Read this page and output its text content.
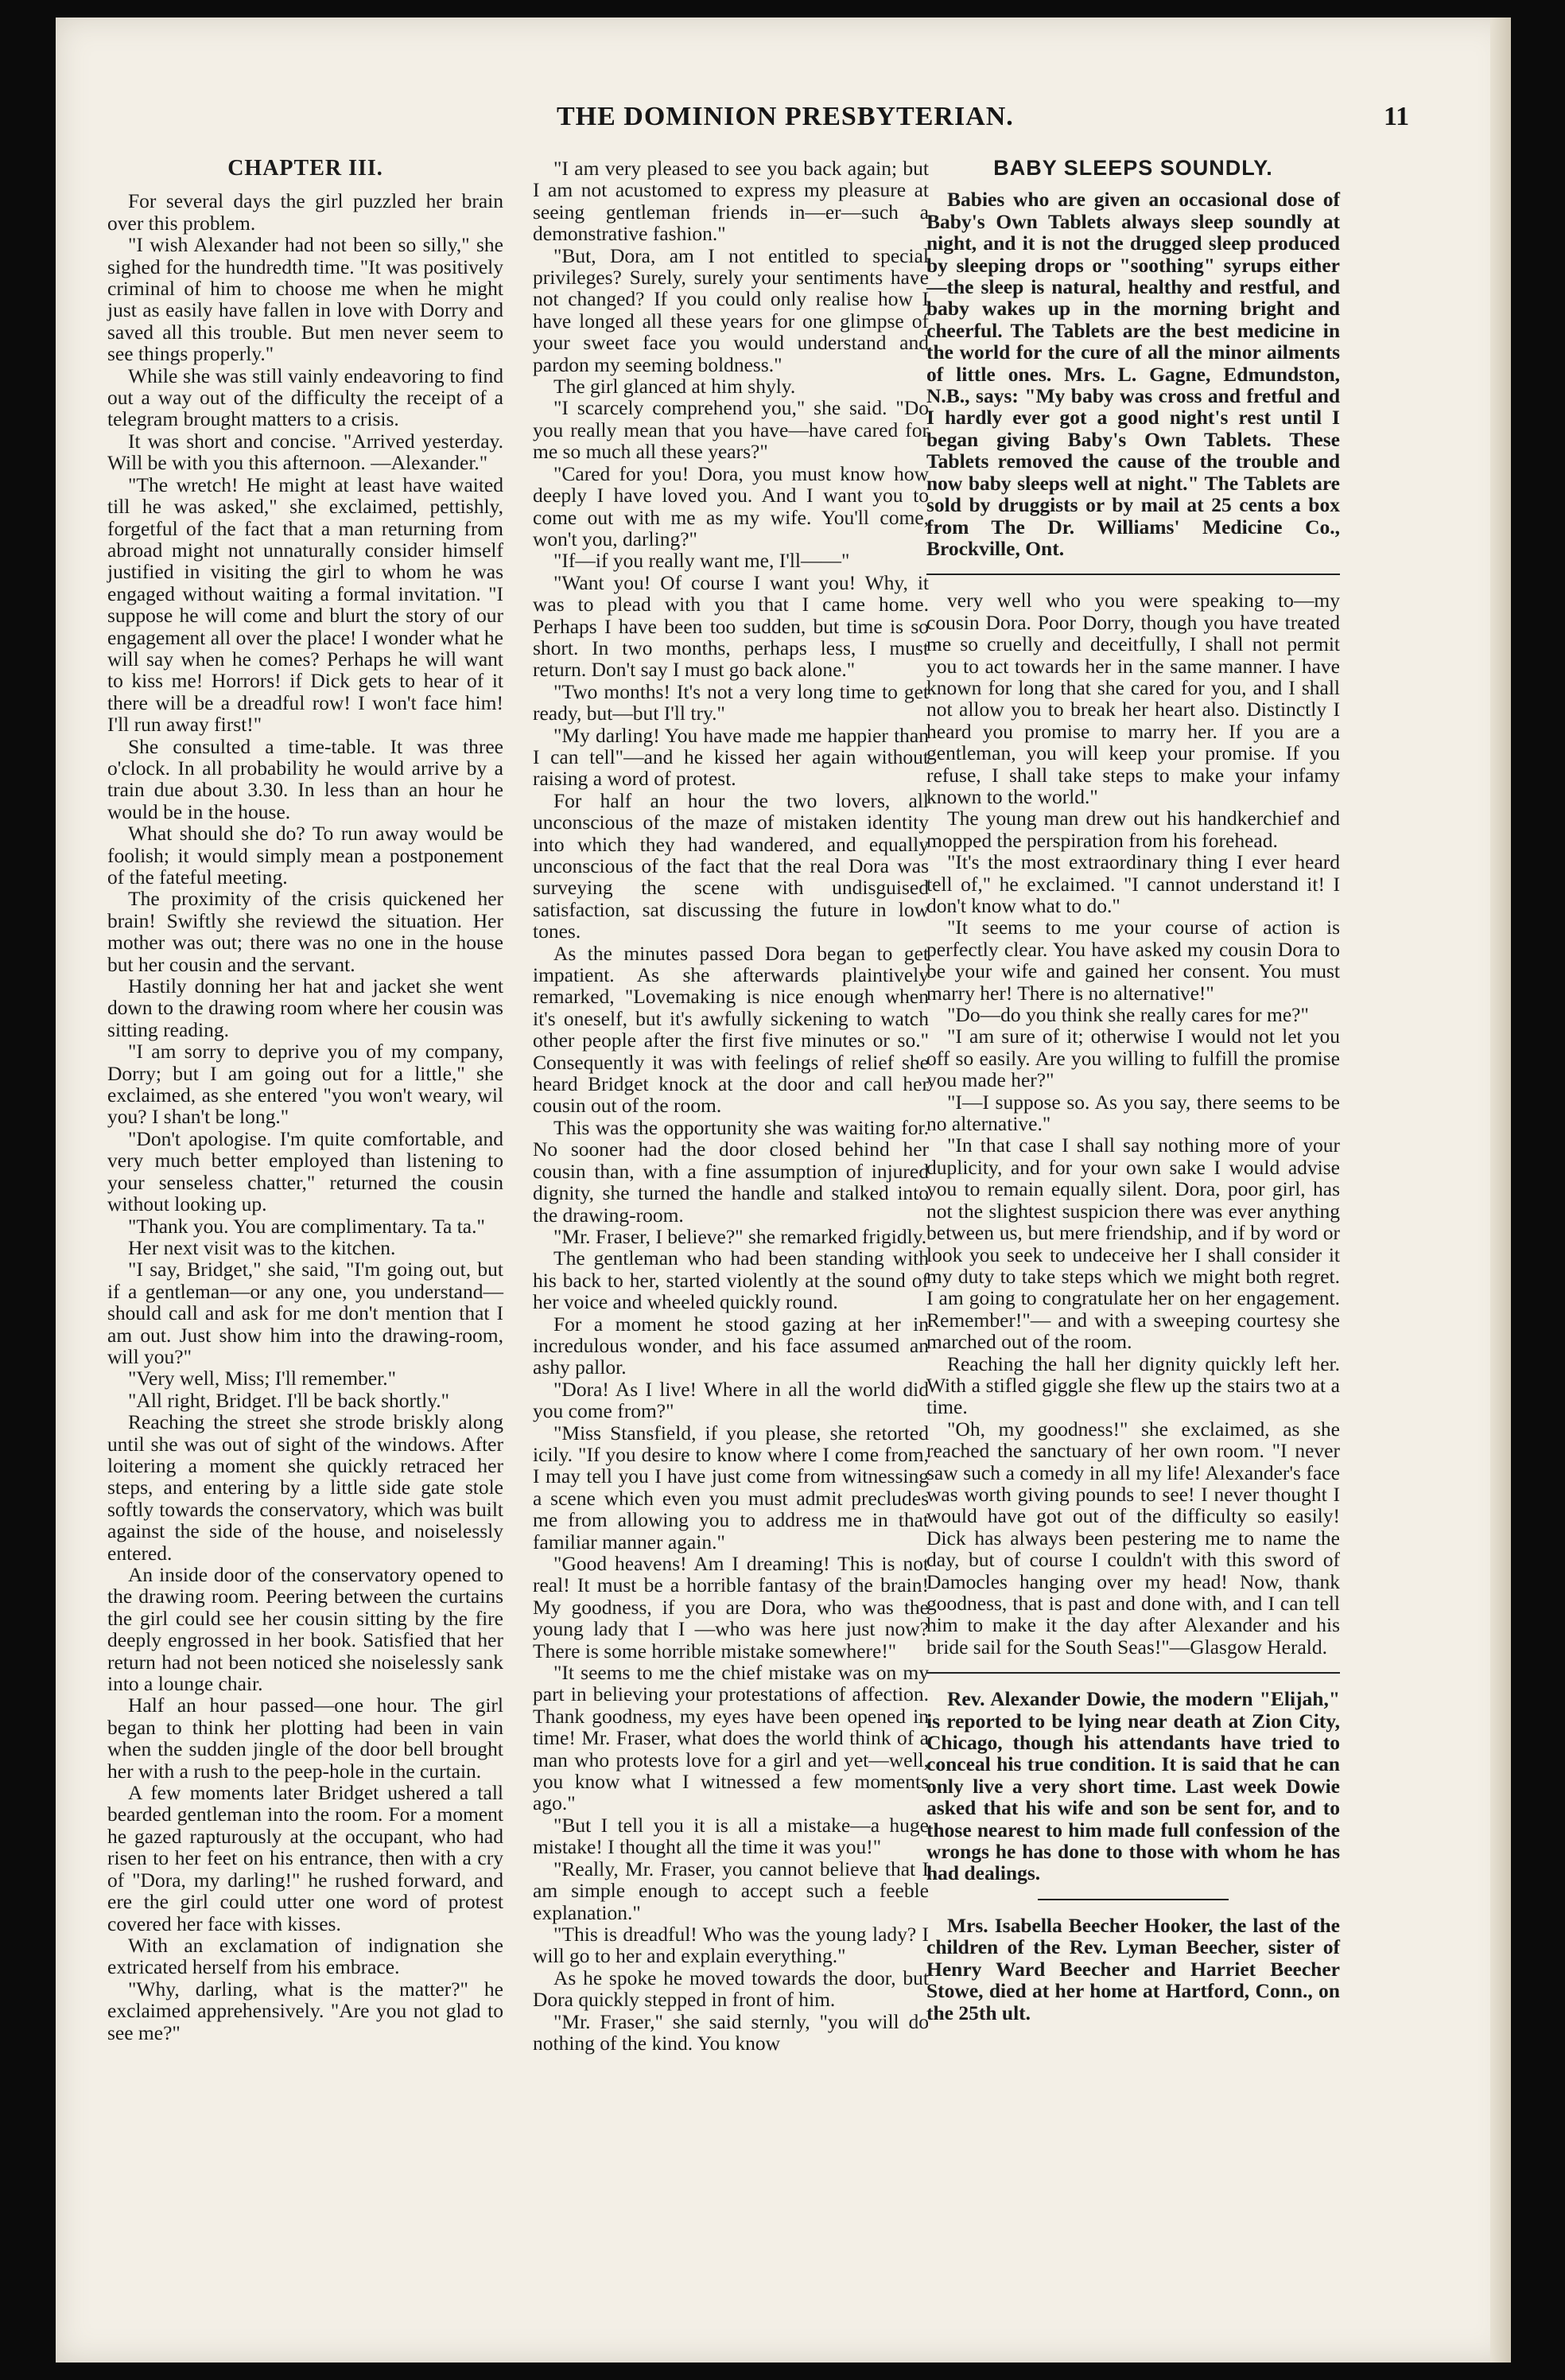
THE DOMINION PRESBYTERIAN.	11
CHAPTER III.

For several days the girl puzzled her brain over this problem.

"I wish Alexander had not been so silly," she sighed for the hundredth time. "It was positively criminal of him to choose me when he might just as easily have fallen in love with Dorry and saved all this trouble. But men never seem to see things properly."

While she was still vainly endeavoring to find out a way out of the difficulty the receipt of a telegram brought matters to a crisis.

It was short and concise. "Arrived yesterday. Will be with you this afternoon. —Alexander."

"The wretch! He might at least have waited till he was asked," she exclaimed, pettishly, forgetful of the fact that a man returning from abroad might not unnaturally consider himself justified in visiting the girl to whom he was engaged without waiting a formal invitation. "I suppose he will come and blurt the story of our engagement all over the place! I wonder what he will say when he comes? Perhaps he will want to kiss me! Horrors! if Dick gets to hear of it there will be a dreadful row! I won't face him! I'll run away first!"

She consulted a time-table. It was three o'clock. In all probability he would arrive by a train due about 3.30. In less than an hour he would be in the house.

What should she do? To run away would be foolish; it would simply mean a postponement of the fateful meeting.

The proximity of the crisis quickened her brain! Swiftly she reviewd the situation. Her mother was out; there was no one in the house but her cousin and the servant.

Hastily donning her hat and jacket she went down to the drawing room where her cousin was sitting reading.

"I am sorry to deprive you of my company, Dorry; but I am going out for a little," she exclaimed, as she entered "you won't weary, wil you? I shan't be long."

"Don't apologise. I'm quite comfortable, and very much better employed than listening to your senseless chatter," returned the cousin without looking up.

"Thank you. You are complimentary. Ta ta."

Her next visit was to the kitchen.

"I say, Bridget," she said, "I'm going out, but if a gentleman—or any one, you understand—should call and ask for me don't mention that I am out. Just show him into the drawing-room, will you?"

"Very well, Miss; I'll remember."

"All right, Bridget. I'll be back shortly."

Reaching the street she strode briskly along until she was out of sight of the windows. After loitering a moment she quickly retraced her steps, and entering by a little side gate stole softly towards the conservatory, which was built against the side of the house, and noiselessly entered.

An inside door of the conservatory opened to the drawing room. Peering between the curtains the girl could see her cousin sitting by the fire deeply engrossed in her book. Satisfied that her return had not been noticed she noiselessly sank into a lounge chair.

Half an hour passed—one hour. The girl began to think her plotting had been in vain when the sudden jingle of the door bell brought her with a rush to the peep-hole in the curtain.

A few moments later Bridget ushered a tall bearded gentleman into the room. For a moment he gazed rapturously at the occupant, who had risen to her feet on his entrance, then with a cry of "Dora, my darling!" he rushed forward, and ere the girl could utter one word of protest covered her face with kisses.

With an exclamation of indignation she extricated herself from his embrace.

"Why, darling, what is the matter?" he exclaimed apprehensively. "Are you not glad to see me?"

"I am very pleased to see you back again; but I am not acustomed to express my pleasure at seeing gentleman friends in—er—such a demonstrative fashion."

"But, Dora, am I not entitled to special privileges? Surely, surely your sentiments have not changed? If you could only realise how I have longed all these years for one glimpse of your sweet face you would understand and pardon my seeming boldness."

The girl glanced at him shyly.

"I scarcely comprehend you," she said. "Do you really mean that you have—have cared for me so much all these years?"

"Cared for you! Dora, you must know how deeply I have loved you. And I want you to come out with me as my wife. You'll come, won't you, darling?"

"If—if you really want me, I'll——"

"Want you! Of course I want you! Why, it was to plead with you that I came home. Perhaps I have been too sudden, but time is so short. In two months, perhaps less, I must return. Don't say I must go back alone."

"Two months! It's not a very long time to get ready, but—but I'll try."

"My darling! You have made me happier than I can tell"—and he kissed her again without raising a word of protest.

For half an hour the two lovers, all unconscious of the maze of mistaken identity into which they had wandered, and equally unconscious of the fact that the real Dora was surveying the scene with undisguised satisfaction, sat discussing the future in low tones.

As the minutes passed Dora began to get impatient. As she afterwards plaintively remarked, "Lovemaking is nice enough when it's oneself, but it's awfully sickening to watch other people after the first five minutes or so." Consequently it was with feelings of relief she heard Bridget knock at the door and call her cousin out of the room.

This was the opportunity she was waiting for. No sooner had the door closed behind her cousin than, with a fine assumption of injured dignity, she turned the handle and stalked into the drawing-room.

"Mr. Fraser, I believe?" she remarked frigidly.

The gentleman who had been standing with his back to her, started violently at the sound of her voice and wheeled quickly round.

For a moment he stood gazing at her in incredulous wonder, and his face assumed an ashy pallor.

"Dora! As I live! Where in all the world did you come from?"

"Miss Stansfield, if you please, she retorted icily. "If you desire to know where I come from, I may tell you I have just come from witnessing a scene which even you must admit precludes me from allowing you to address me in that familiar manner again."

"Good heavens! Am I dreaming! This is not real! It must be a horrible fantasy of the brain! My goodness, if you are Dora, who was the young lady that I —who was here just now? There is some horrible mistake somewhere!"

"It seems to me the chief mistake was on my part in believing your protestations of affection. Thank goodness, my eyes have been opened in time! Mr. Fraser, what does the world think of a man who protests love for a girl and yet—well, you know what I witnessed a few moments ago."

"But I tell you it is all a mistake—a huge mistake! I thought all the time it was you!"

"Really, Mr. Fraser, you cannot believe that I am simple enough to accept such a feeble explanation."

"This is dreadful! Who was the young lady? I will go to her and explain everything."

As he spoke he moved towards the door, but Dora quickly stepped in front of him.

"Mr. Fraser," she said sternly, "you will do nothing of the kind. You know

BABY SLEEPS SOUNDLY.

Babies who are given an occasional dose of Baby's Own Tablets always sleep soundly at night, and it is not the drugged sleep produced by sleeping drops or "soothing" syrups either—the sleep is natural, healthy and restful, and baby wakes up in the morning bright and cheerful. The Tablets are the best medicine in the world for the cure of all the minor ailments of little ones. Mrs. L. Gagne, Edmundston, N.B., says: "My baby was cross and fretful and I hardly ever got a good night's rest until I began giving Baby's Own Tablets. These Tablets removed the cause of the trouble and now baby sleeps well at night." The Tablets are sold by druggists or by mail at 25 cents a box from The Dr. Williams' Medicine Co., Brockville, Ont.

very well who you were speaking to—my cousin Dora. Poor Dorry, though you have treated me so cruelly and deceitfully, I shall not permit you to act towards her in the same manner. I have known for long that she cared for you, and I shall not allow you to break her heart also. Distinctly I heard you promise to marry her. If you are a gentleman, you will keep your promise. If you refuse, I shall take steps to make your infamy known to the world."

The young man drew out his handkerchief and mopped the perspiration from his forehead.

"It's the most extraordinary thing I ever heard tell of," he exclaimed. "I cannot understand it! I don't know what to do."

"It seems to me your course of action is perfectly clear. You have asked my cousin Dora to be your wife and gained her consent. You must marry her! There is no alternative!"

"Do—do you think she really cares for me?"

"I am sure of it; otherwise I would not let you off so easily. Are you willing to fulfill the promise you made her?"

"I—I suppose so. As you say, there seems to be no alternative."

"In that case I shall say nothing more of your duplicity, and for your own sake I would advise you to remain equally silent. Dora, poor girl, has not the slightest suspicion there was ever anything between us, but mere friendship, and if by word or look you seek to undeceive her I shall consider it my duty to take steps which we might both regret. I am going to congratulate her on her engagement. Remember!"— and with a sweeping courtesy she marched out of the room.

Reaching the hall her dignity quickly left her. With a stifled giggle she flew up the stairs two at a time.

"Oh, my goodness!" she exclaimed, as she reached the sanctuary of her own room. "I never saw such a comedy in all my life! Alexander's face was worth giving pounds to see! I never thought I would have got out of the difficulty so easily! Dick has always been pestering me to name the day, but of course I couldn't with this sword of Damocles hanging over my head! Now, thank goodness, that is past and done with, and I can tell him to make it the day after Alexander and his bride sail for the South Seas!"—Glasgow Herald.

Rev. Alexander Dowie, the modern "Elijah," is reported to be lying near death at Zion City, Chicago, though his attendants have tried to conceal his true condition. It is said that he can only live a very short time. Last week Dowie asked that his wife and son be sent for, and to those nearest to him made full confession of the wrongs he has done to those with whom he has had dealings.

Mrs. Isabella Beecher Hooker, the last of the children of the Rev. Lyman Beecher, sister of Henry Ward Beecher and Harriet Beecher Stowe, died at her home at Hartford, Conn., on the 25th ult.
